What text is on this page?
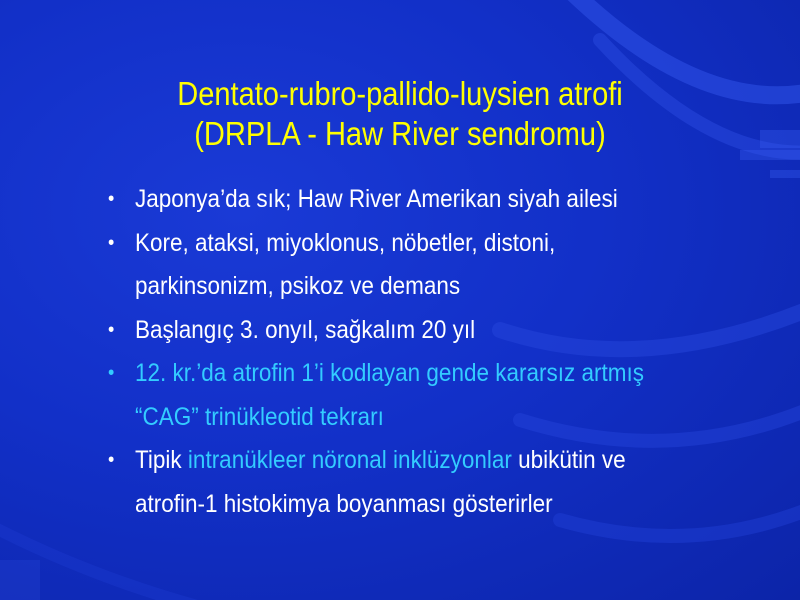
Dentato-rubro-pallido-luysien atrofi
(DRPLA - Haw River sendromu)
• Japonya’da sık; Haw River Amerikan siyah ailesi
• Kore, ataksi, miyoklonus, nöbetler, distoni,
parkinsonizm, psikoz ve demans
• Başlangıç 3. onyıl, sağkalım 20 yıl
• 12. kr.’da atrofin 1’i kodlayan gende kararsız artmış
“CAG” trinükleotid tekrarı
• Tipik intranükleer nöronal inklüzyonlar ubikütin ve
atrofin-1 histokimya boyanması gösterirler
